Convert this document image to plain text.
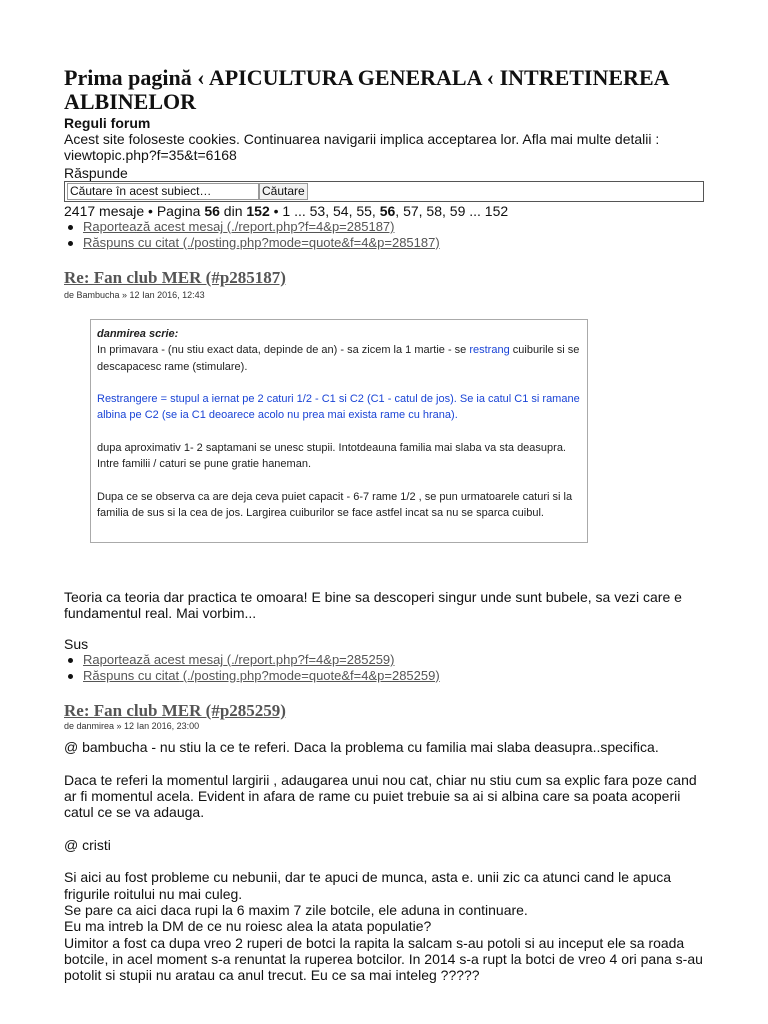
Prima pagină ‹ APICULTURA GENERALA ‹ INTRETINEREA ALBINELOR
Reguli forum
Acest site foloseste cookies. Continuarea navigarii implica acceptarea lor. Afla mai multe detalii : viewtopic.php?f=35&t=6168
Răspunde
Căutare în acest subiect…	Căutare
2417 mesaje • Pagina 56 din 152 • 1 ... 53, 54, 55, 56, 57, 58, 59 ... 152
Raportează acest mesaj (./report.php?f=4&p=285187)
Răspuns cu citat (./posting.php?mode=quote&f=4&p=285187)
Re: Fan club MER (#p285187)
de Bambucha » 12 Ian 2016, 12:43

danmirea scrie:

In primavara - (nu stiu exact data, depinde de an) - sa zicem la 1 martie - se restrang cuiburile si se descapacesc rame (stimulare).

Restrangere = stupul a iernat pe 2 caturi 1/2 - C1 si C2 (C1 - catul de jos). Se ia catul C1 si ramane albina pe C2 (se ia C1 deoarece acolo nu prea mai exista rame cu hrana).

dupa aproximativ 1- 2 saptamani se unesc stupii. Intotdeauna familia mai slaba va sta deasupra. Intre familii / caturi se pune gratie haneman.

Dupa ce se observa ca are deja ceva puiet capacit - 6-7 rame 1/2 , se pun urmatoarele caturi si la familia de sus si la cea de jos. Largirea cuiburilor se face astfel incat sa nu se sparca cuibul.

Teoria ca teoria dar practica te omoara! E bine sa descoperi singur unde sunt bubele, sa vezi care e fundamentul real. Mai vorbim...
Sus
Raportează acest mesaj (./report.php?f=4&p=285259)
Răspuns cu citat (./posting.php?mode=quote&f=4&p=285259)
Re: Fan club MER (#p285259)
de danmirea » 12 Ian 2016, 23:00

@ bambucha - nu stiu la ce te referi. Daca la problema cu familia mai slaba deasupra..specifica.

Daca te referi la momentul largirii , adaugarea unui nou cat, chiar nu stiu cum sa explic fara poze cand ar fi momentul acela. Evident in afara de rame cu puiet trebuie sa ai si albina care sa poata acoperii catul ce se va adauga.

@ cristi

Si aici au fost probleme cu nebunii, dar te apuci de munca, asta e. unii zic ca atunci cand le apuca frigurile roitului nu mai culeg.

Se pare ca aici daca rupi la 6 maxim 7 zile botcile, ele aduna in continuare.

Eu ma intreb la DM de ce nu roiesc alea la atata populatie?

Uimitor a fost ca dupa vreo 2 ruperi de botci la rapita la salcam s-au potoli si au inceput ele sa roada botcile, in acel moment s-a renuntat la ruperea botcilor. In 2014 s-a rupt la botci de vreo 4 ori pana s-au potolit si stupii nu aratau ca anul trecut. Eu ce sa mai inteleg ?????
